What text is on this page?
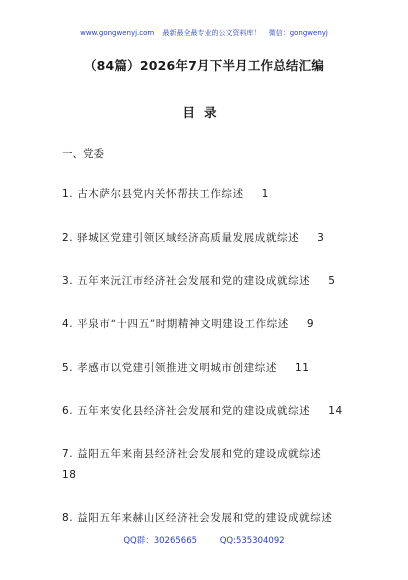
www.gongwenyj.com 最新最全最专业的公文资料库！ 微信：gongwenyj
（84篇）2026年7月下半月工作总结汇编
目录
一、党委
1. 古木萨尔县党内关怀帮扶工作综述 1
2. 驿城区党建引领区域经济高质量发展成就综述 3
3. 五年来沅江市经济社会发展和党的建设成就综述 5
4. 平泉市“十四五”时期精神文明建设工作综述 9
5. 孝感市以党建引领推进文明城市创建综述 11
6. 五年来安化县经济社会发展和党的建设成就综述 14
7. 益阳五年来南县经济社会发展和党的建设成就综述
18
8. 益阳五年来赫山区经济社会发展和党的建设成就综述
QQ群：30265665	QQ:535304092
